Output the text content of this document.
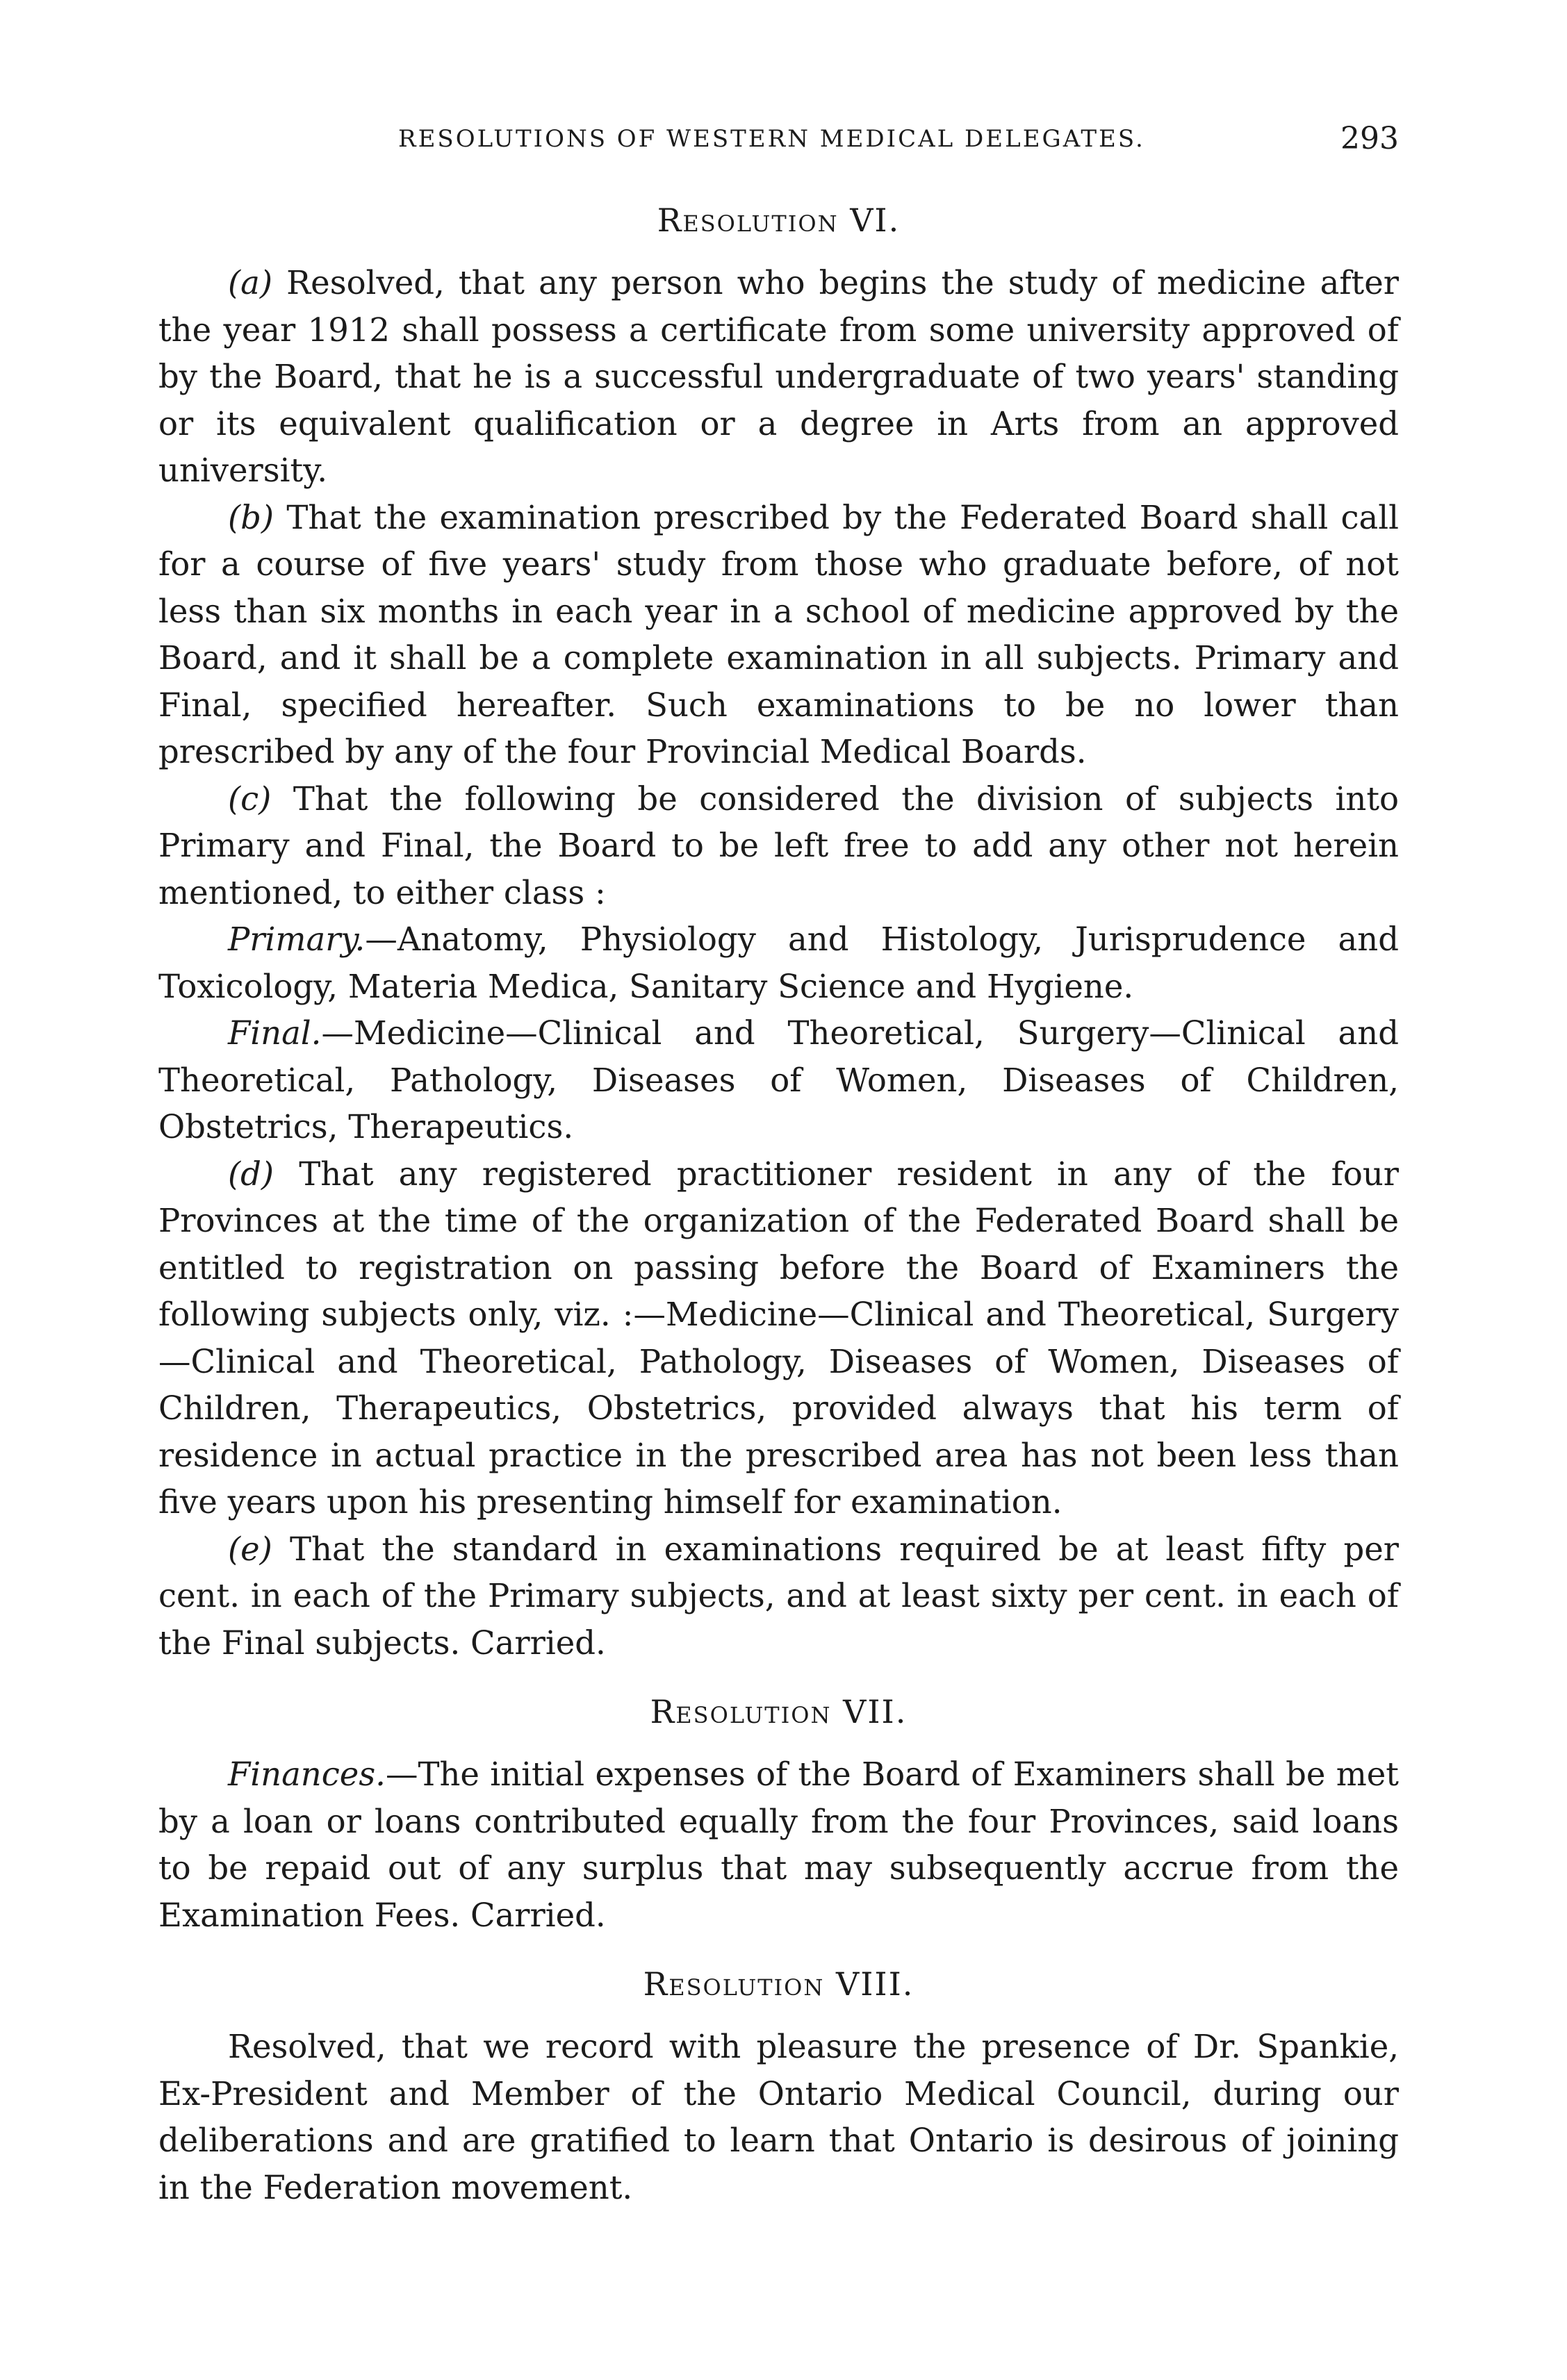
RESOLUTIONS OF WESTERN MEDICAL DELEGATES.	293
Resolution VI.

(a) Resolved, that any person who begins the study of medicine after the year 1912 shall possess a certificate from some university approved of by the Board, that he is a successful undergraduate of two years' standing or its equivalent qualification or a degree in Arts from an approved university.

(b) That the examination prescribed by the Federated Board shall call for a course of five years' study from those who graduate before, of not less than six months in each year in a school of medicine approved by the Board, and it shall be a complete examination in all subjects. Primary and Final, specified hereafter. Such examinations to be no lower than prescribed by any of the four Provincial Medical Boards.

(c) That the following be considered the division of subjects into Primary and Final, the Board to be left free to add any other not herein mentioned, to either class :

Primary.—Anatomy, Physiology and Histology, Jurisprudence and Toxicology, Materia Medica, Sanitary Science and Hygiene.

Final.—Medicine—Clinical and Theoretical, Surgery—Clinical and Theoretical, Pathology, Diseases of Women, Diseases of Children, Obstetrics, Therapeutics.

(d) That any registered practitioner resident in any of the four Provinces at the time of the organization of the Federated Board shall be entitled to registration on passing before the Board of Examiners the following subjects only, viz. :—Medicine—Clinical and Theoretical, Surgery—Clinical and Theoretical, Pathology, Diseases of Women, Diseases of Children, Therapeutics, Obstetrics, provided always that his term of residence in actual practice in the prescribed area has not been less than five years upon his presenting himself for examination.

(e) That the standard in examinations required be at least fifty per cent. in each of the Primary subjects, and at least sixty per cent. in each of the Final subjects. Carried.

Resolution VII.

Finances.—The initial expenses of the Board of Examiners shall be met by a loan or loans contributed equally from the four Provinces, said loans to be repaid out of any surplus that may subsequently accrue from the Examination Fees. Carried.

Resolution VIII.

Resolved, that we record with pleasure the presence of Dr. Spankie, Ex-President and Member of the Ontario Medical Council, during our deliberations and are gratified to learn that Ontario is desirous of joining in the Federation movement.
